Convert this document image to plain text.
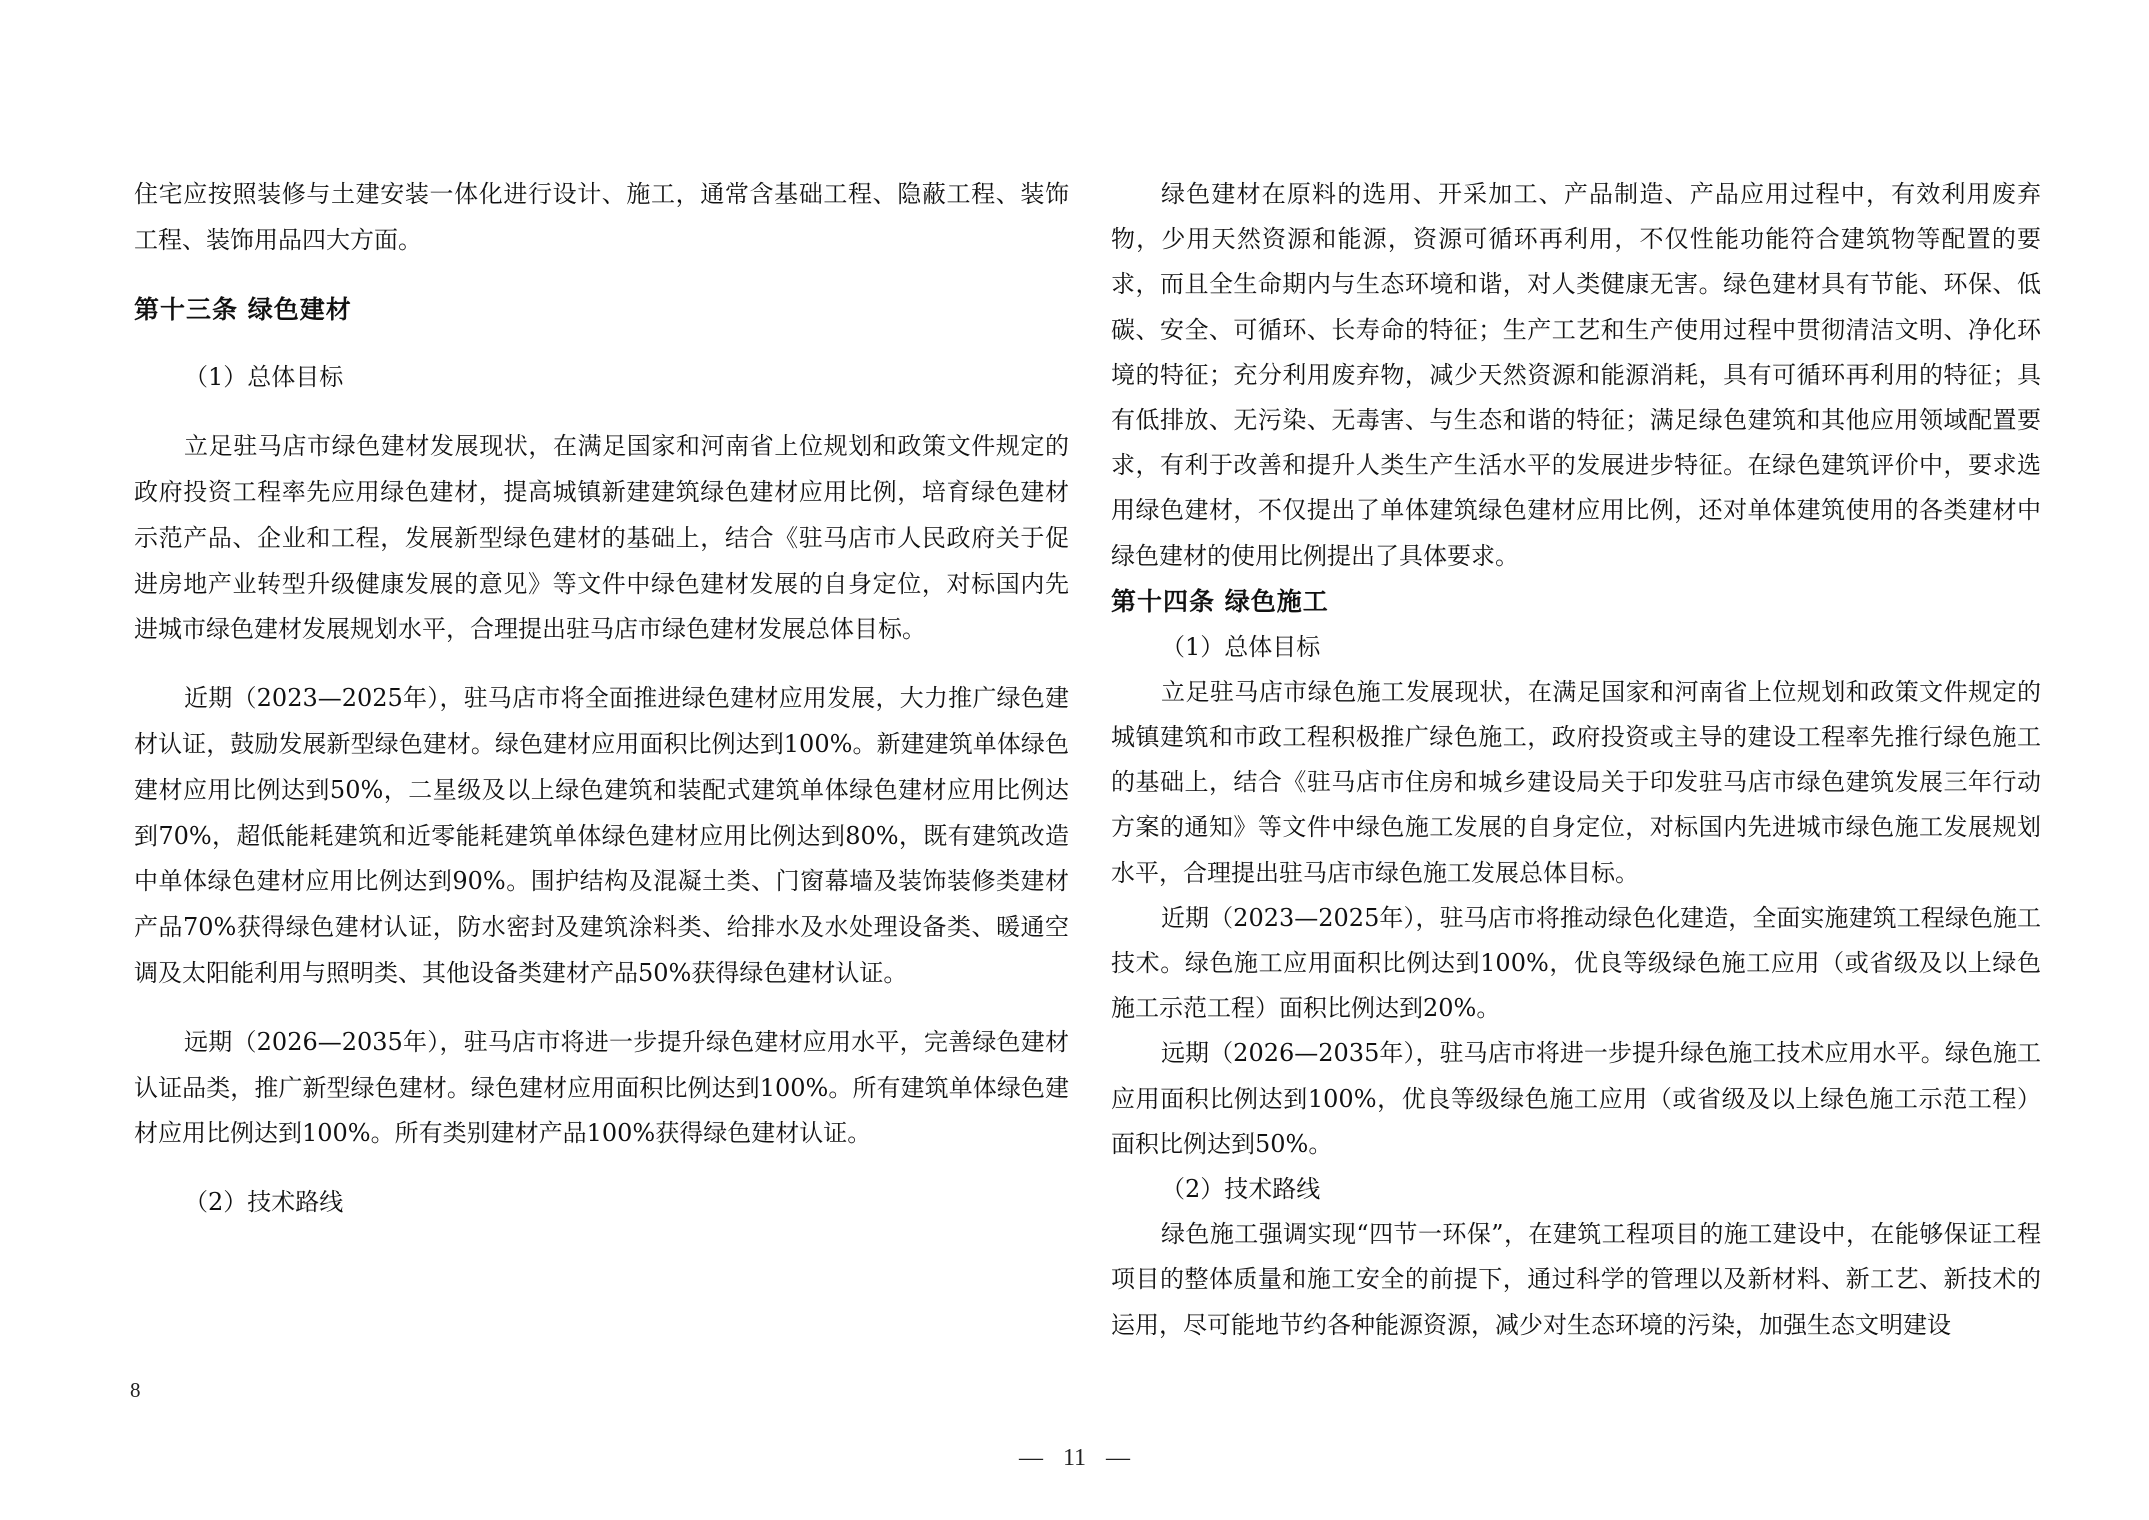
住宅应按照装修与土建安装一体化进行设计、施工，通常含基础工程、隐蔽工程、装饰工程、装饰用品四大方面。

第十三条 绿色建材

（1）总体目标

立足驻马店市绿色建材发展现状，在满足国家和河南省上位规划和政策文件规定的政府投资工程率先应用绿色建材，提高城镇新建建筑绿色建材应用比例，培育绿色建材示范产品、企业和工程，发展新型绿色建材的基础上，结合《驻马店市人民政府关于促进房地产业转型升级健康发展的意见》等文件中绿色建材发展的自身定位，对标国内先进城市绿色建材发展规划水平，合理提出驻马店市绿色建材发展总体目标。

近期（2023—2025年），驻马店市将全面推进绿色建材应用发展，大力推广绿色建材认证，鼓励发展新型绿色建材。绿色建材应用面积比例达到100%。新建建筑单体绿色建材应用比例达到50%，二星级及以上绿色建筑和装配式建筑单体绿色建材应用比例达到70%，超低能耗建筑和近零能耗建筑单体绿色建材应用比例达到80%，既有建筑改造中单体绿色建材应用比例达到90%。围护结构及混凝土类、门窗幕墙及装饰装修类建材产品70%获得绿色建材认证，防水密封及建筑涂料类、给排水及水处理设备类、暖通空调及太阳能利用与照明类、其他设备类建材产品50%获得绿色建材认证。

远期（2026—2035年），驻马店市将进一步提升绿色建材应用水平，完善绿色建材认证品类，推广新型绿色建材。绿色建材应用面积比例达到100%。所有建筑单体绿色建材应用比例达到100%。所有类别建材产品100%获得绿色建材认证。

（2）技术路线

8

绿色建材在原料的选用、开采加工、产品制造、产品应用过程中，有效利用废弃物，少用天然资源和能源，资源可循环再利用，不仅性能功能符合建筑物等配置的要求，而且全生命期内与生态环境和谐，对人类健康无害。绿色建材具有节能、环保、低碳、安全、可循环、长寿命的特征；生产工艺和生产使用过程中贯彻清洁文明、净化环境的特征；充分利用废弃物，减少天然资源和能源消耗，具有可循环再利用的特征；具有低排放、无污染、无毒害、与生态和谐的特征；满足绿色建筑和其他应用领域配置要求，有利于改善和提升人类生产生活水平的发展进步特征。在绿色建筑评价中，要求选用绿色建材，不仅提出了单体建筑绿色建材应用比例，还对单体建筑使用的各类建材中绿色建材的使用比例提出了具体要求。

第十四条 绿色施工

（1）总体目标

立足驻马店市绿色施工发展现状，在满足国家和河南省上位规划和政策文件规定的城镇建筑和市政工程积极推广绿色施工，政府投资或主导的建设工程率先推行绿色施工的基础上，结合《驻马店市住房和城乡建设局关于印发驻马店市绿色建筑发展三年行动方案的通知》等文件中绿色施工发展的自身定位，对标国内先进城市绿色施工发展规划水平，合理提出驻马店市绿色施工发展总体目标。

近期（2023—2025年），驻马店市将推动绿色化建造，全面实施建筑工程绿色施工技术。绿色施工应用面积比例达到100%，优良等级绿色施工应用（或省级及以上绿色施工示范工程）面积比例达到20%。

远期（2026—2035年），驻马店市将进一步提升绿色施工技术应用水平。绿色施工应用面积比例达到100%，优良等级绿色施工应用（或省级及以上绿色施工示范工程）面积比例达到50%。

（2）技术路线

绿色施工强调实现“四节一环保”，在建筑工程项目的施工建设中，在能够保证工程项目的整体质量和施工安全的前提下，通过科学的管理以及新材料、新工艺、新技术的运用，尽可能地节约各种能源资源，减少对生态环境的污染，加强生态文明建设

— 11 —
